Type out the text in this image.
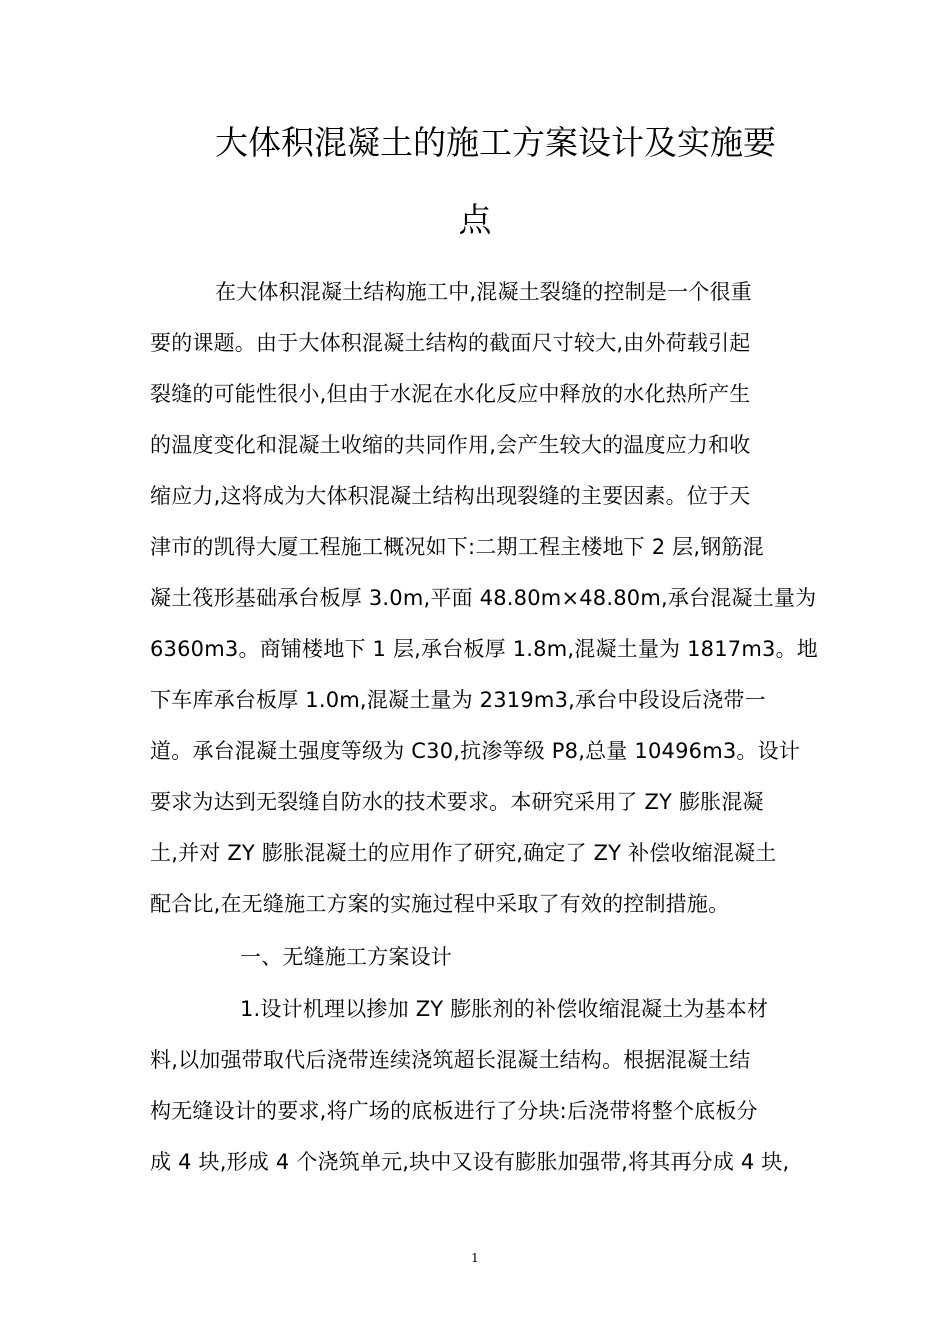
大体积混凝土的施工方案设计及实施要
点
在大体积混凝土结构施工中,混凝土裂缝的控制是一个很重
要的课题。由于大体积混凝土结构的截面尺寸较大,由外荷载引起
裂缝的可能性很小,但由于水泥在水化反应中释放的水化热所产生
的温度变化和混凝土收缩的共同作用,会产生较大的温度应力和收
缩应力,这将成为大体积混凝土结构出现裂缝的主要因素。位于天
津市的凯得大厦工程施工概况如下:二期工程主楼地下 2 层,钢筋混
凝土筏形基础承台板厚 3.0m,平面 48.80m×48.80m,承台混凝土量为
6360m3。商铺楼地下 1 层,承台板厚 1.8m,混凝土量为 1817m3。地
下车库承台板厚 1.0m,混凝土量为 2319m3,承台中段设后浇带一
道。承台混凝土强度等级为 C30,抗渗等级 P8,总量 10496m3。设计
要求为达到无裂缝自防水的技术要求。本研究采用了 ZY 膨胀混凝
土,并对 ZY 膨胀混凝土的应用作了研究,确定了 ZY 补偿收缩混凝土
配合比,在无缝施工方案的实施过程中采取了有效的控制措施。
一、无缝施工方案设计
1.设计机理以掺加 ZY 膨胀剂的补偿收缩混凝土为基本材
料,以加强带取代后浇带连续浇筑超长混凝土结构。根据混凝土结
构无缝设计的要求,将广场的底板进行了分块:后浇带将整个底板分
成 4 块,形成 4 个浇筑单元,块中又设有膨胀加强带,将其再分成 4 块,
1
